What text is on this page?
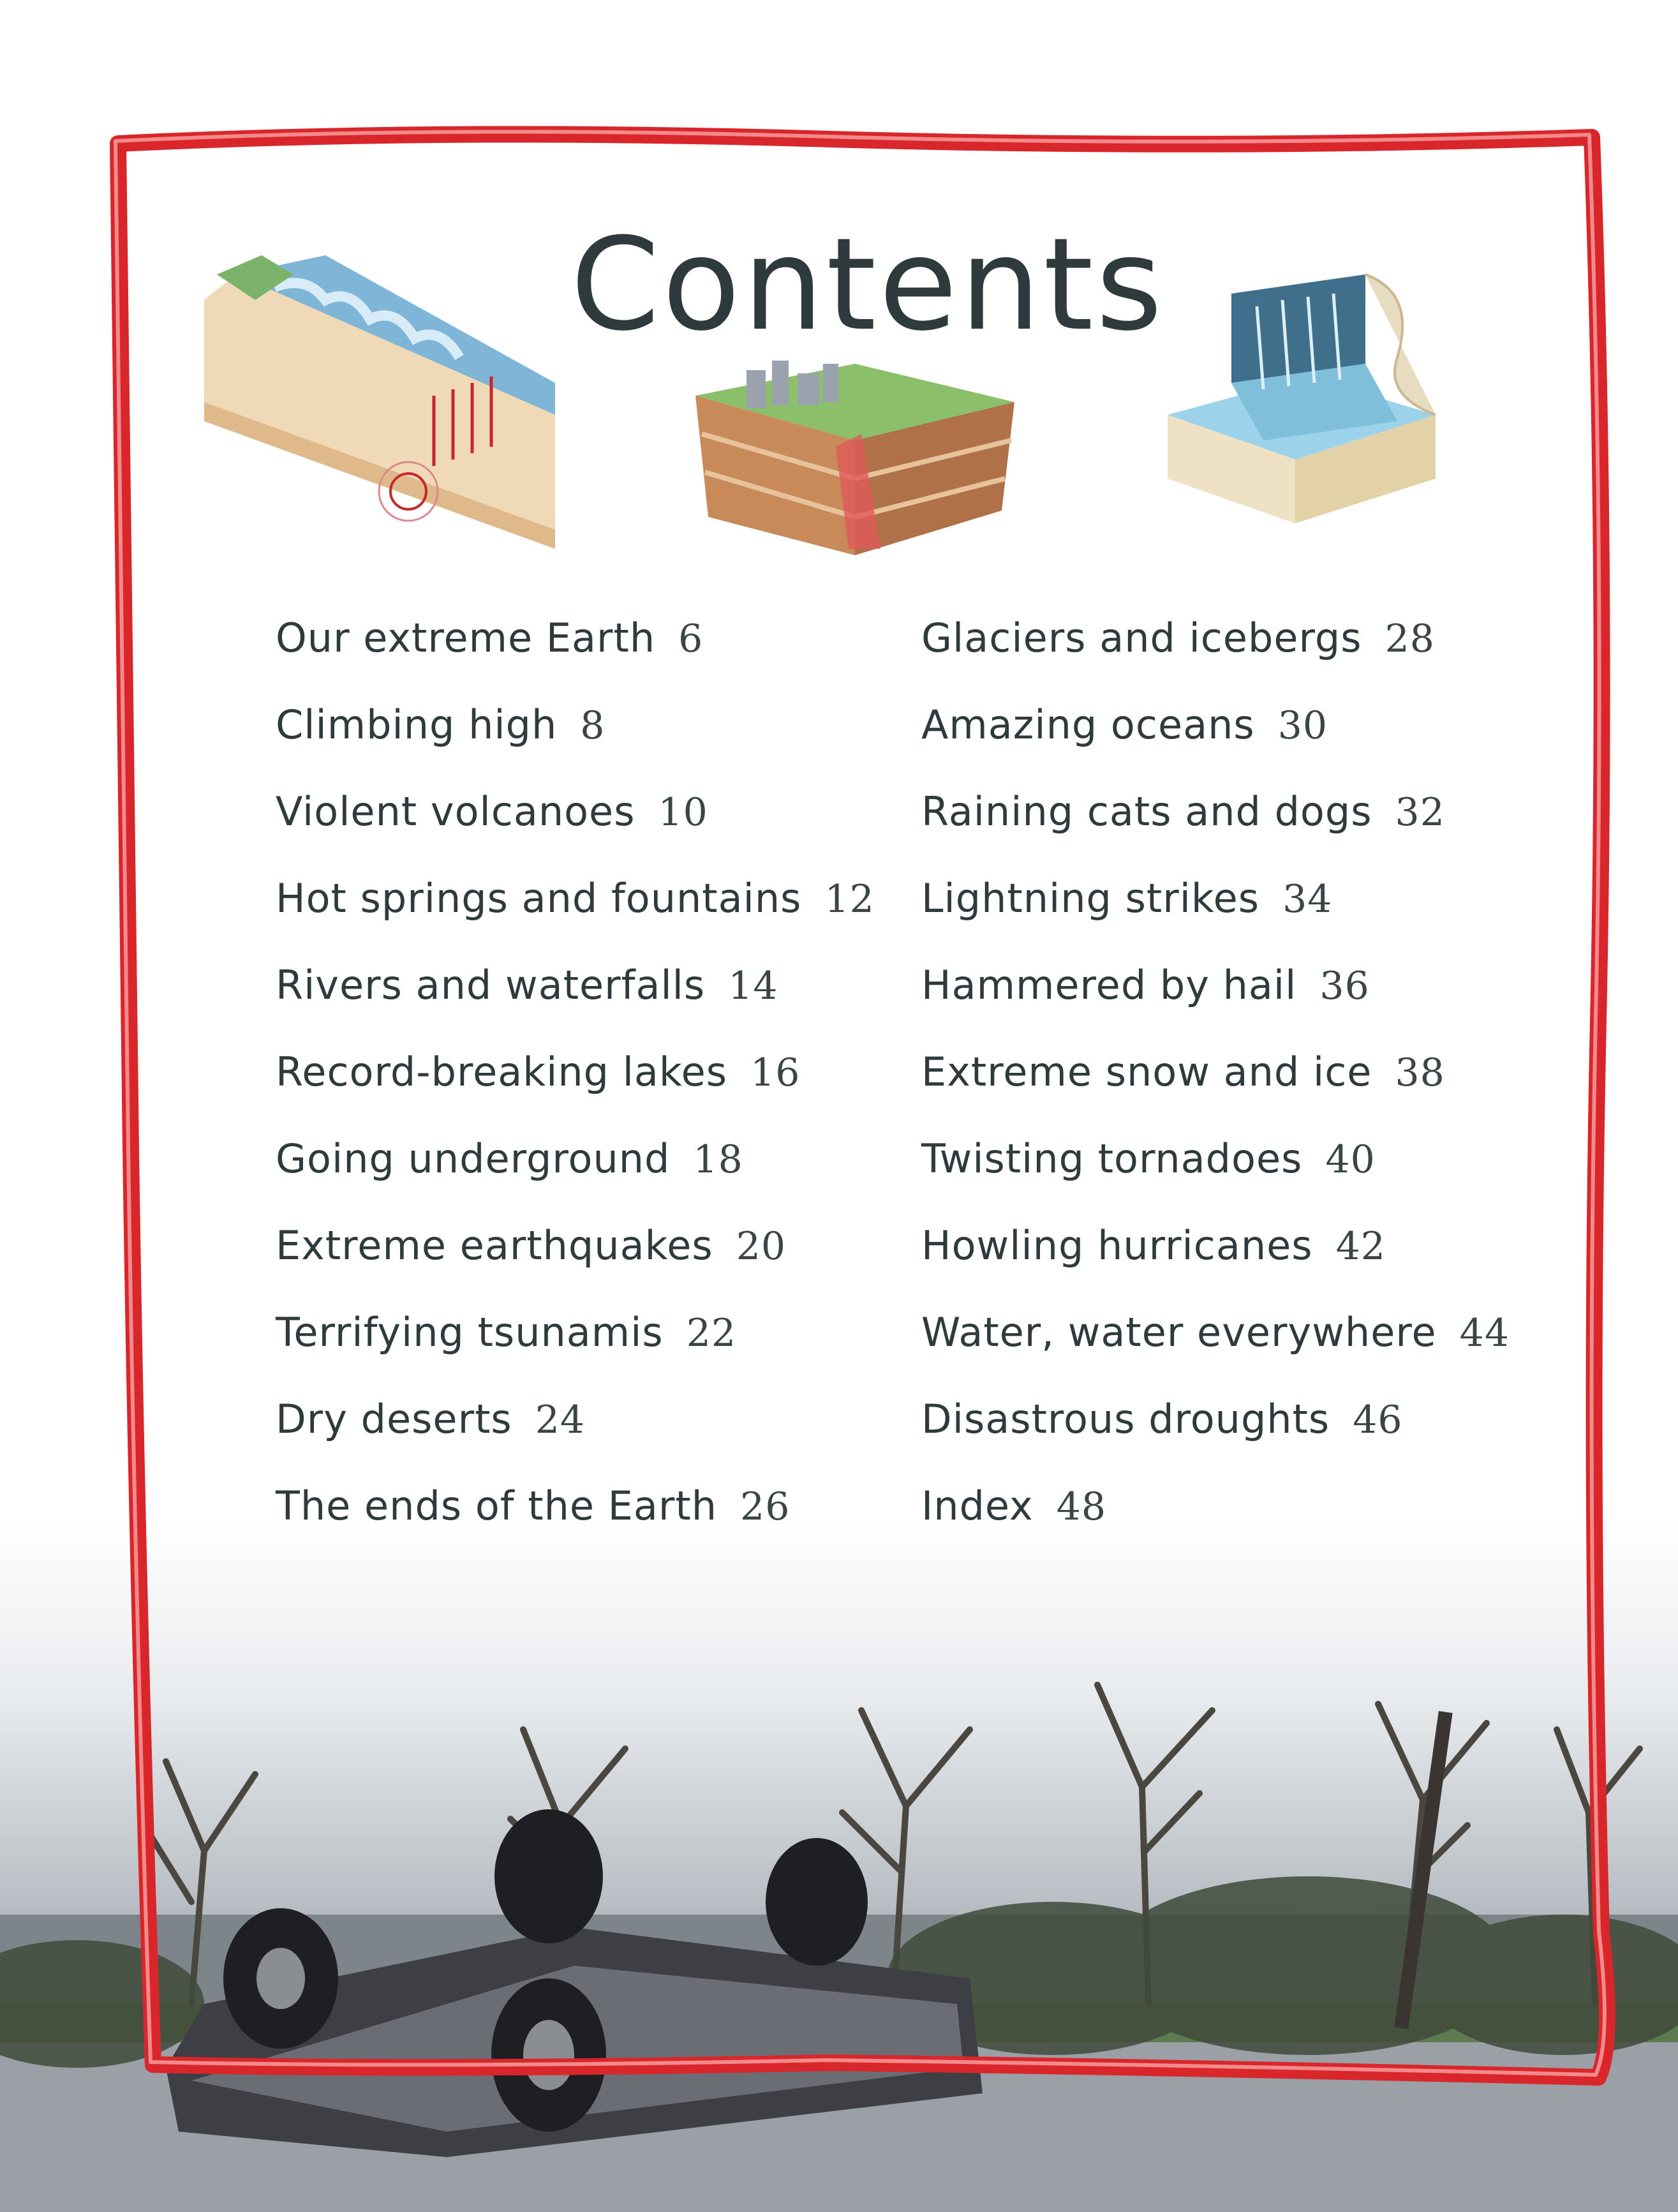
Contents
Our extreme Earth 6
Climbing high 8
Violent volcanoes 10
Hot springs and fountains 12
Rivers and waterfalls 14
Record-breaking lakes 16
Going underground 18
Extreme earthquakes 20
Terrifying tsunamis 22
Dry deserts 24
The ends of the Earth 26
Glaciers and icebergs 28
Amazing oceans 30
Raining cats and dogs 32
Lightning strikes 34
Hammered by hail 36
Extreme snow and ice 38
Twisting tornadoes 40
Howling hurricanes 42
Water, water everywhere 44
Disastrous droughts 46
Index 48
